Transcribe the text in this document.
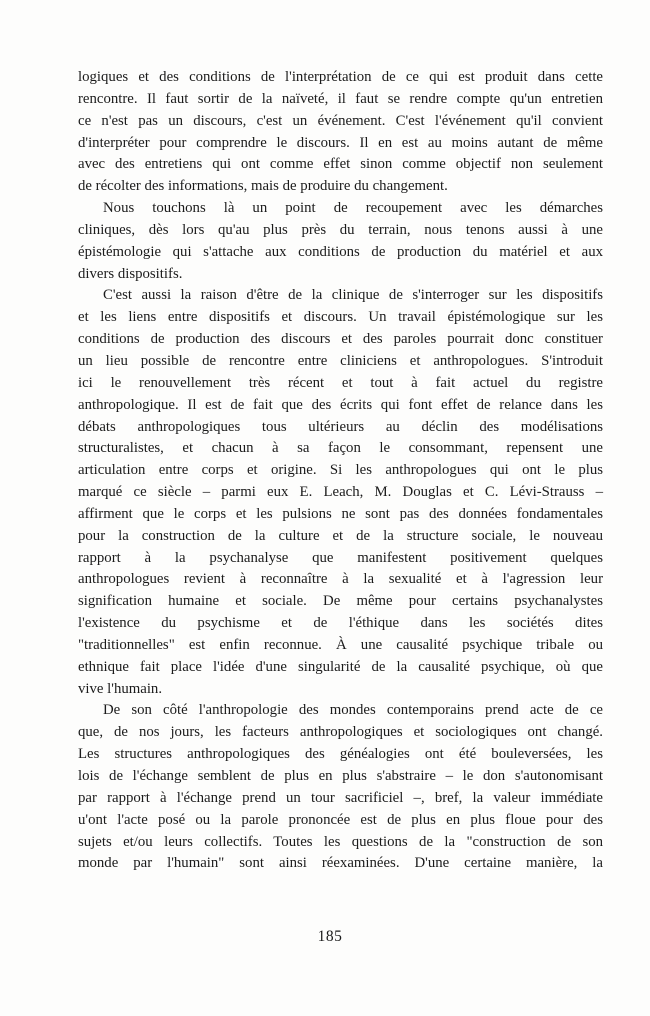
logiques et des conditions de l'interprétation de ce qui est produit dans cette
rencontre. Il faut sortir de la naïveté, il faut se rendre compte qu'un entretien
ce n'est pas un discours, c'est un événement. C'est l'événement qu'il convient
d'interpréter pour comprendre le discours. Il en est au moins autant de même
avec des entretiens qui ont comme effet sinon comme objectif non seulement
de récolter des informations, mais de produire du changement.
Nous touchons là un point de recoupement avec les démarches
cliniques, dès lors qu'au plus près du terrain, nous tenons aussi à une
épistémologie qui s'attache aux conditions de production du matériel et aux
divers dispositifs.
C'est aussi la raison d'être de la clinique de s'interroger sur les dispositifs
et les liens entre dispositifs et discours. Un travail épistémologique sur les
conditions de production des discours et des paroles pourrait donc constituer
un lieu possible de rencontre entre cliniciens et anthropologues. S'introduit
ici le renouvellement très récent et tout à fait actuel du registre
anthropologique. Il est de fait que des écrits qui font effet de relance dans les
débats anthropologiques tous ultérieurs au déclin des modélisations
structuralistes, et chacun à sa façon le consommant, repensent une
articulation entre corps et origine. Si les anthropologues qui ont le plus
marqué ce siècle – parmi eux E. Leach, M. Douglas et C. Lévi-Strauss –
affirment que le corps et les pulsions ne sont pas des données fondamentales
pour la construction de la culture et de la structure sociale, le nouveau
rapport à la psychanalyse que manifestent positivement quelques
anthropologues revient à reconnaître à la sexualité et à l'agression leur
signification humaine et sociale. De même pour certains psychanalystes
l'existence du psychisme et de l'éthique dans les sociétés dites
"traditionnelles" est enfin reconnue. À une causalité psychique tribale ou
ethnique fait place l'idée d'une singularité de la causalité psychique, où que
vive l'humain.
De son côté l'anthropologie des mondes contemporains prend acte de ce
que, de nos jours, les facteurs anthropologiques et sociologiques ont changé.
Les structures anthropologiques des généalogies ont été bouleversées, les
lois de l'échange semblent de plus en plus s'abstraire – le don s'autonomisant
par rapport à l'échange prend un tour sacrificiel –, bref, la valeur immédiate
u'ont l'acte posé ou la parole prononcée est de plus en plus floue pour des
sujets et/ou leurs collectifs. Toutes les questions de la "construction de son
monde par l'humain" sont ainsi réexaminées. D'une certaine manière, la
185
